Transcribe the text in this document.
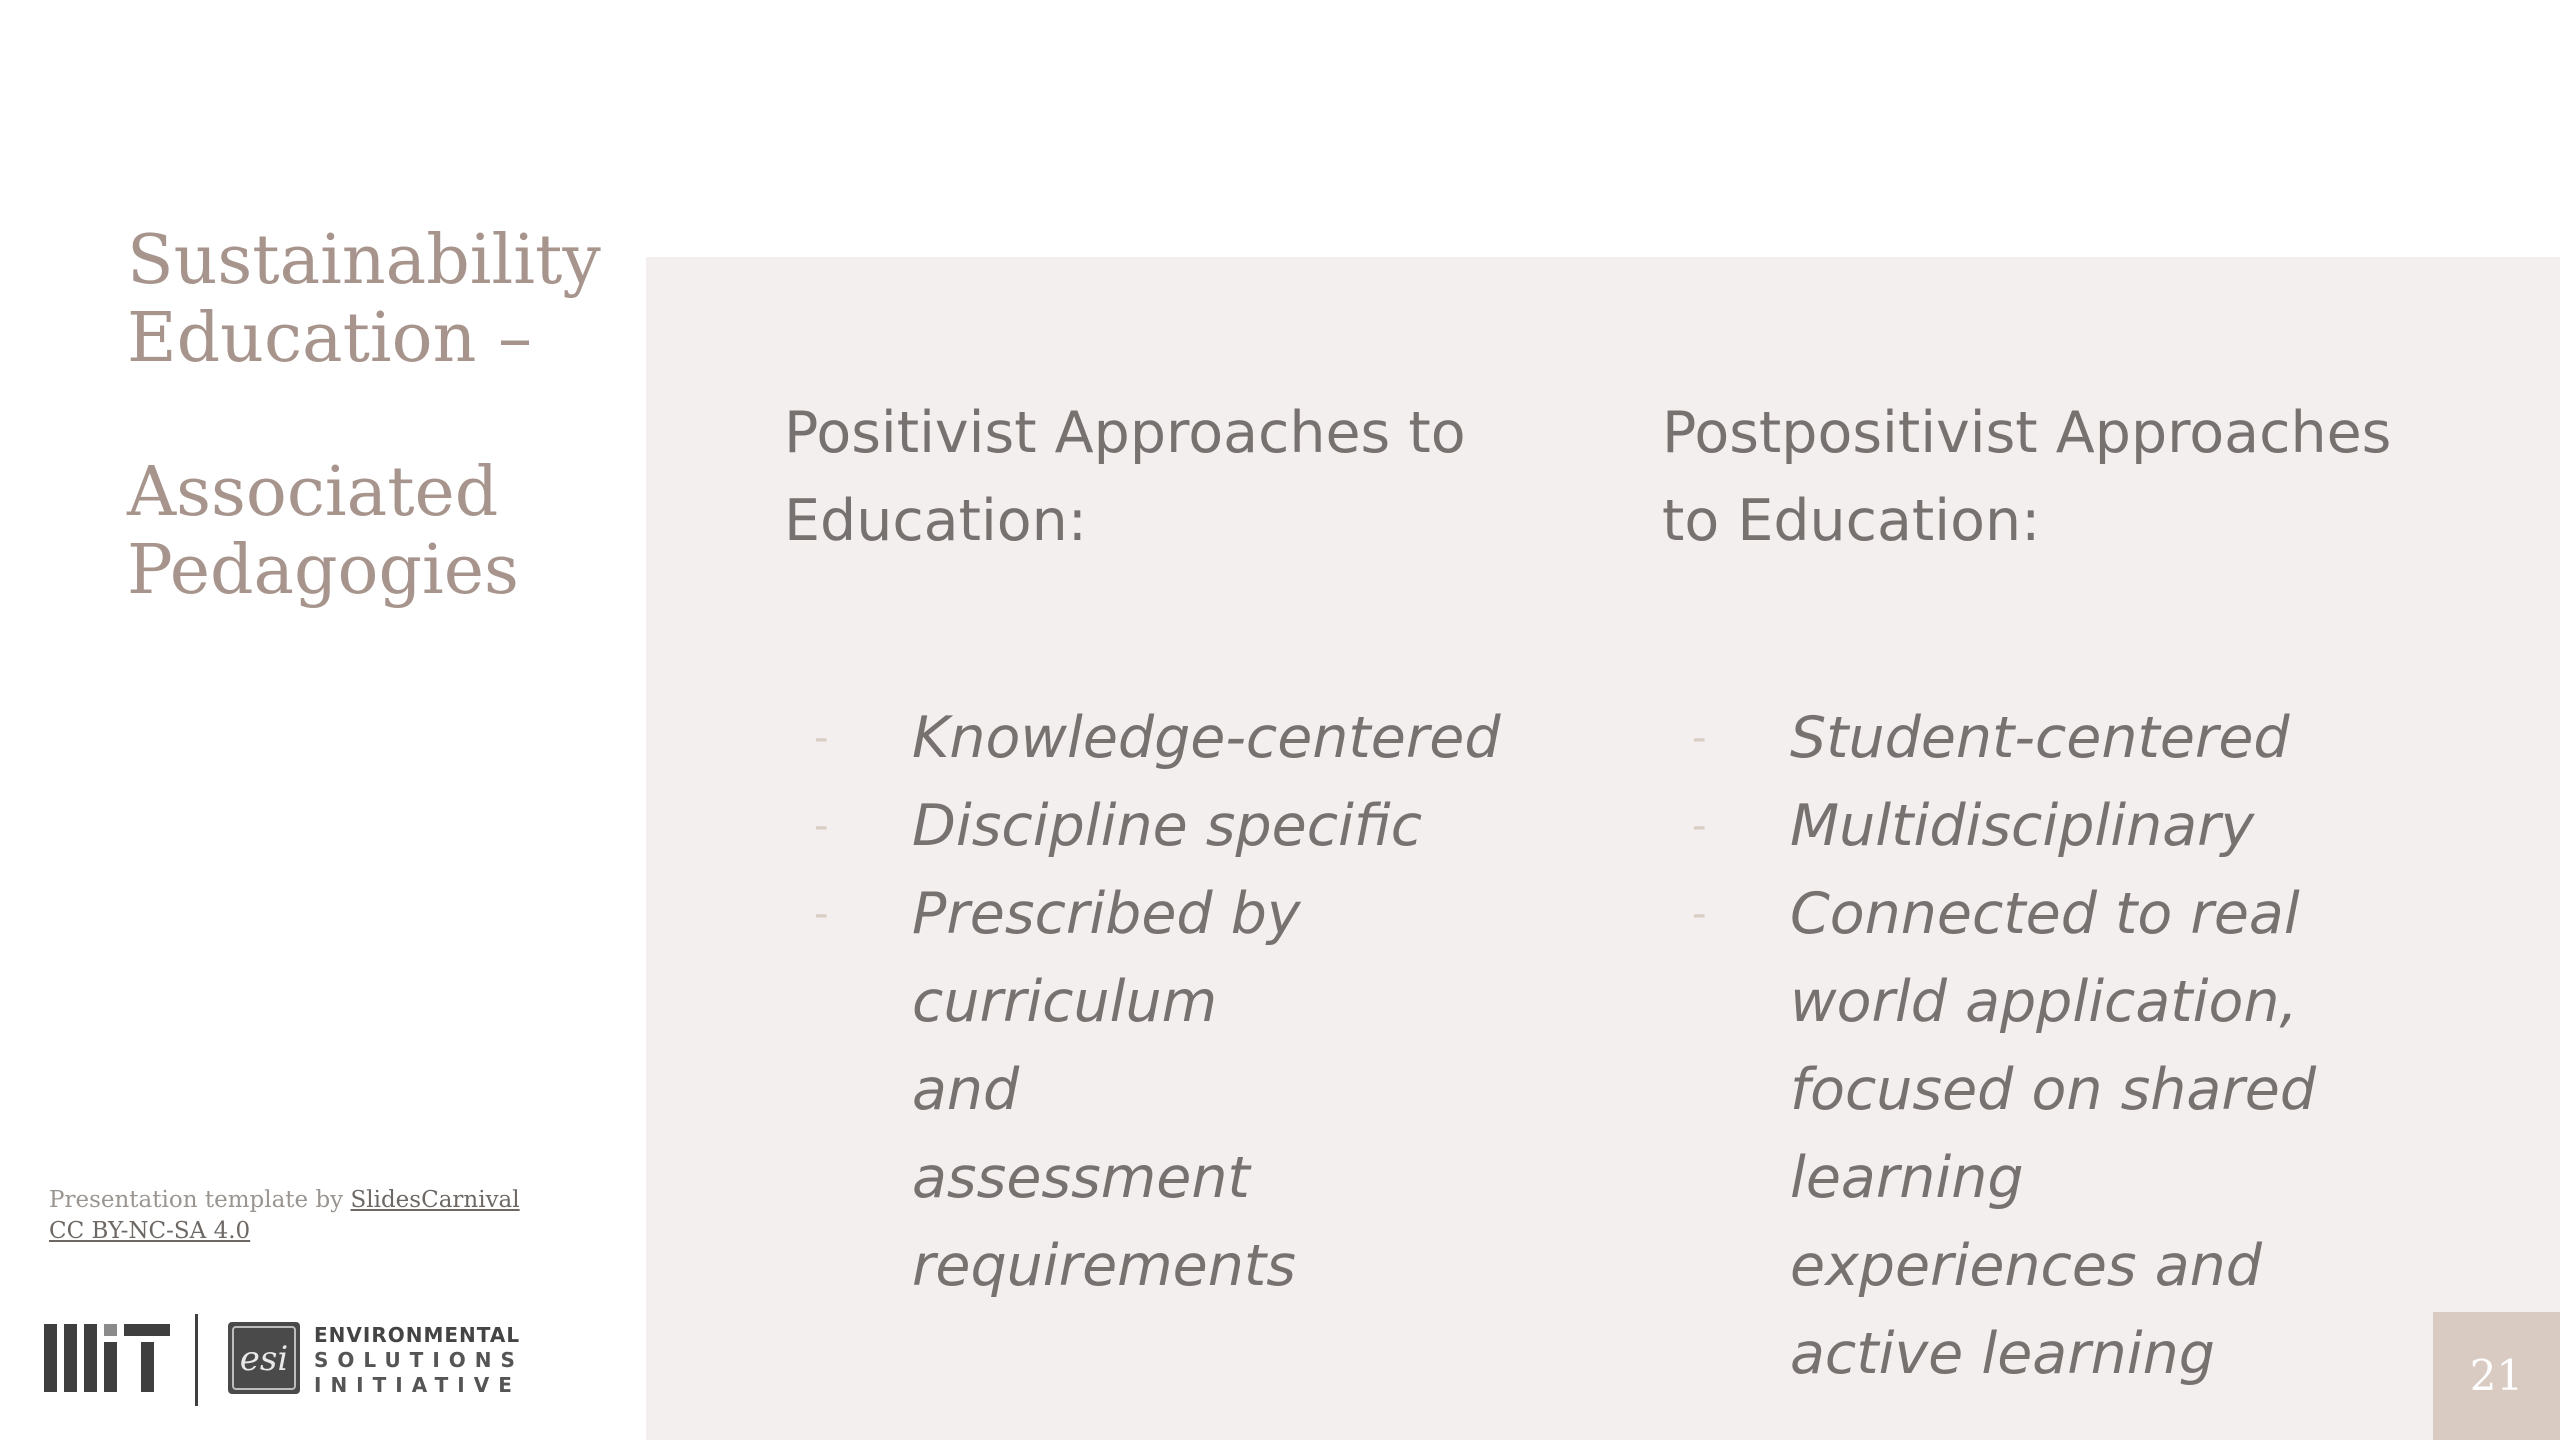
Sustainability
Education –
Associated
Pedagogies
Positivist Approaches to
Education:
- Knowledge-centered
- Discipline specific
- Prescribed by curriculum and assessment requirements
Postpositivist Approaches
to Education:
- Student-centered
- Multidisciplinary
- Connected to real world application, focused on shared learning experiences and active learning
Presentation template by SlidesCarnival
CC BY-NC-SA 4.0
esi
ENVIRONMENTAL
SOLUTIONS
INITIATIVE	21
